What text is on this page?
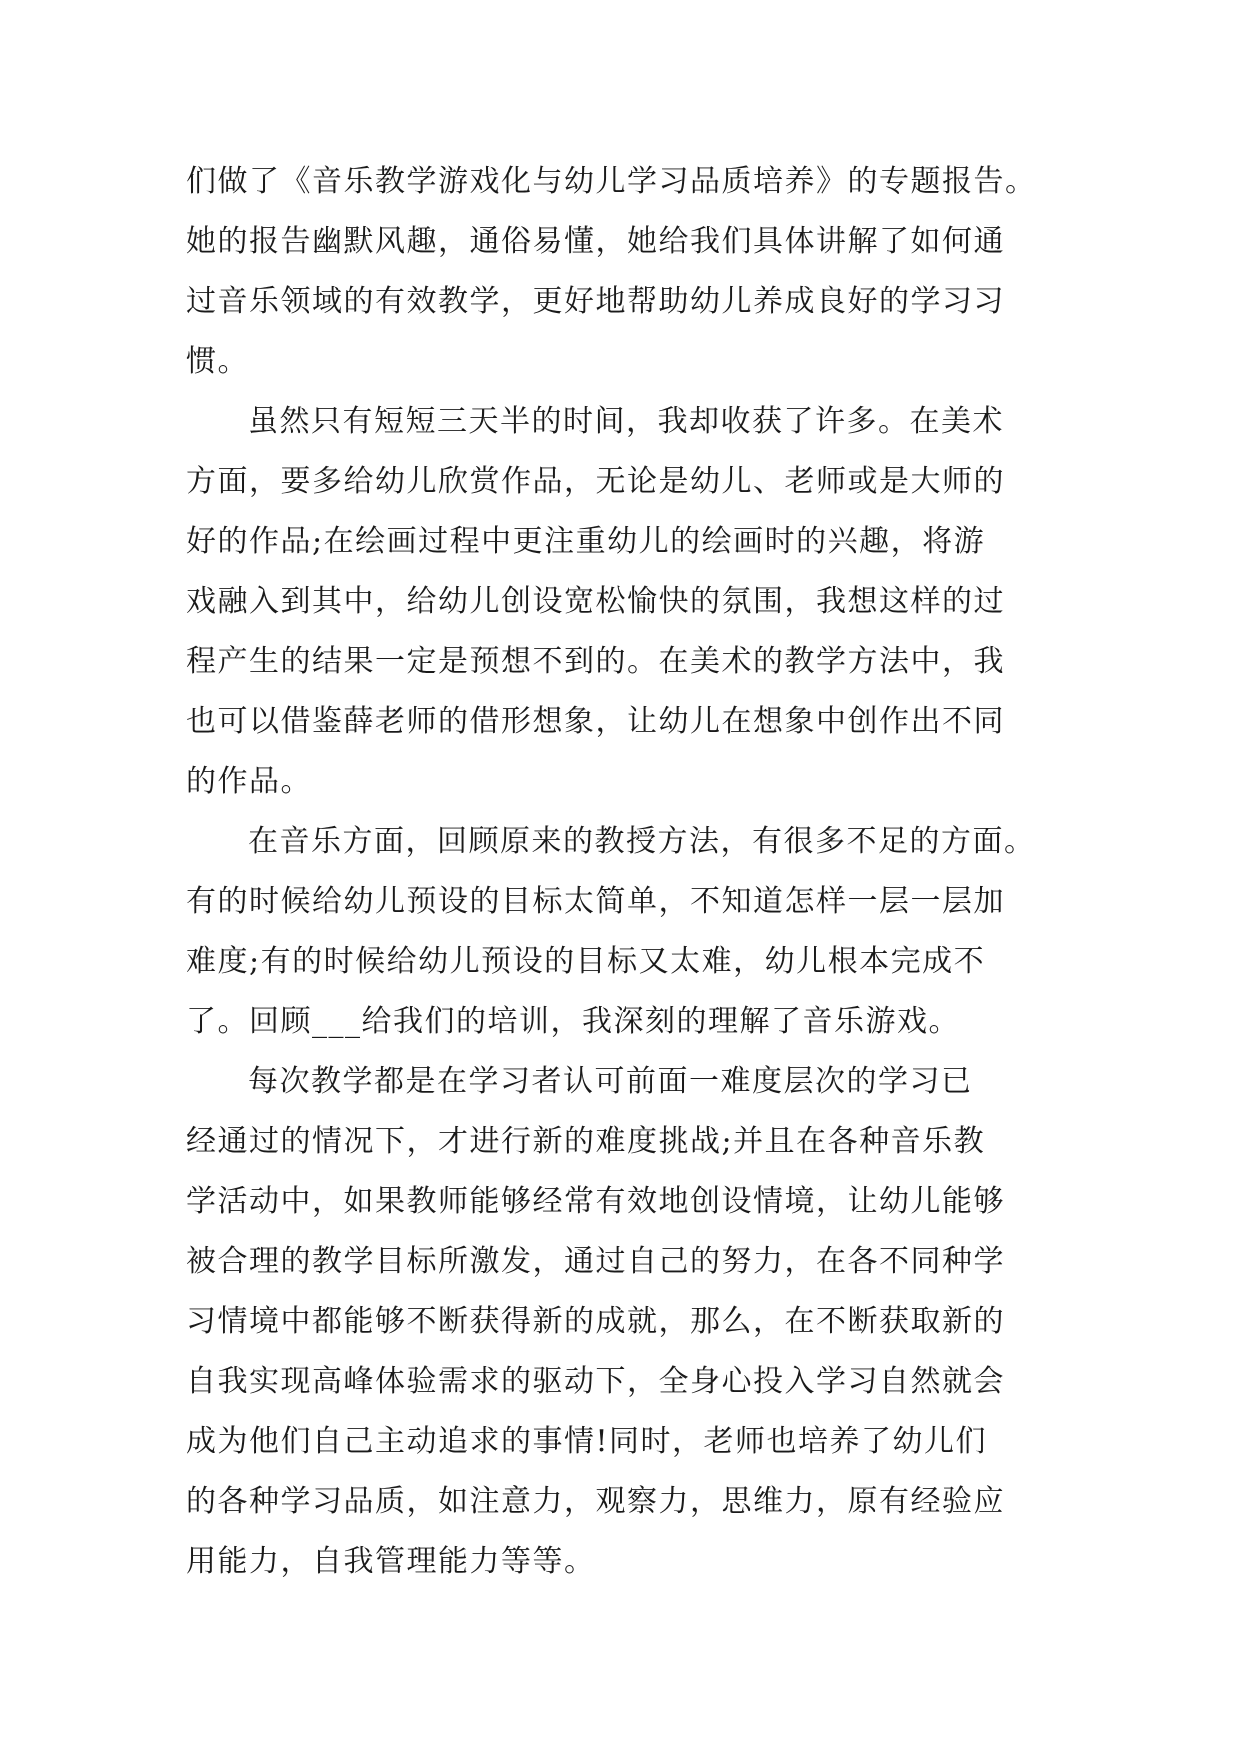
们做了《音乐教学游戏化与幼儿学习品质培养》的专题报告。
她的报告幽默风趣，通俗易懂，她给我们具体讲解了如何通
过音乐领域的有效教学，更好地帮助幼儿养成良好的学习习
惯。
虽然只有短短三天半的时间，我却收获了许多。在美术
方面，要多给幼儿欣赏作品，无论是幼儿、老师或是大师的
好的作品;在绘画过程中更注重幼儿的绘画时的兴趣，将游
戏融入到其中，给幼儿创设宽松愉快的氛围，我想这样的过
程产生的结果一定是预想不到的。在美术的教学方法中，我
也可以借鉴薛老师的借形想象，让幼儿在想象中创作出不同
的作品。
在音乐方面，回顾原来的教授方法，有很多不足的方面。
有的时候给幼儿预设的目标太简单，不知道怎样一层一层加
难度;有的时候给幼儿预设的目标又太难，幼儿根本完成不
了。回顾___给我们的培训，我深刻的理解了音乐游戏。
每次教学都是在学习者认可前面一难度层次的学习已
经通过的情况下，才进行新的难度挑战;并且在各种音乐教
学活动中，如果教师能够经常有效地创设情境，让幼儿能够
被合理的教学目标所激发，通过自己的努力，在各不同种学
习情境中都能够不断获得新的成就，那么，在不断获取新的
自我实现高峰体验需求的驱动下，全身心投入学习自然就会
成为他们自己主动追求的事情!同时，老师也培养了幼儿们
的各种学习品质，如注意力，观察力，思维力，原有经验应
用能力，自我管理能力等等。
